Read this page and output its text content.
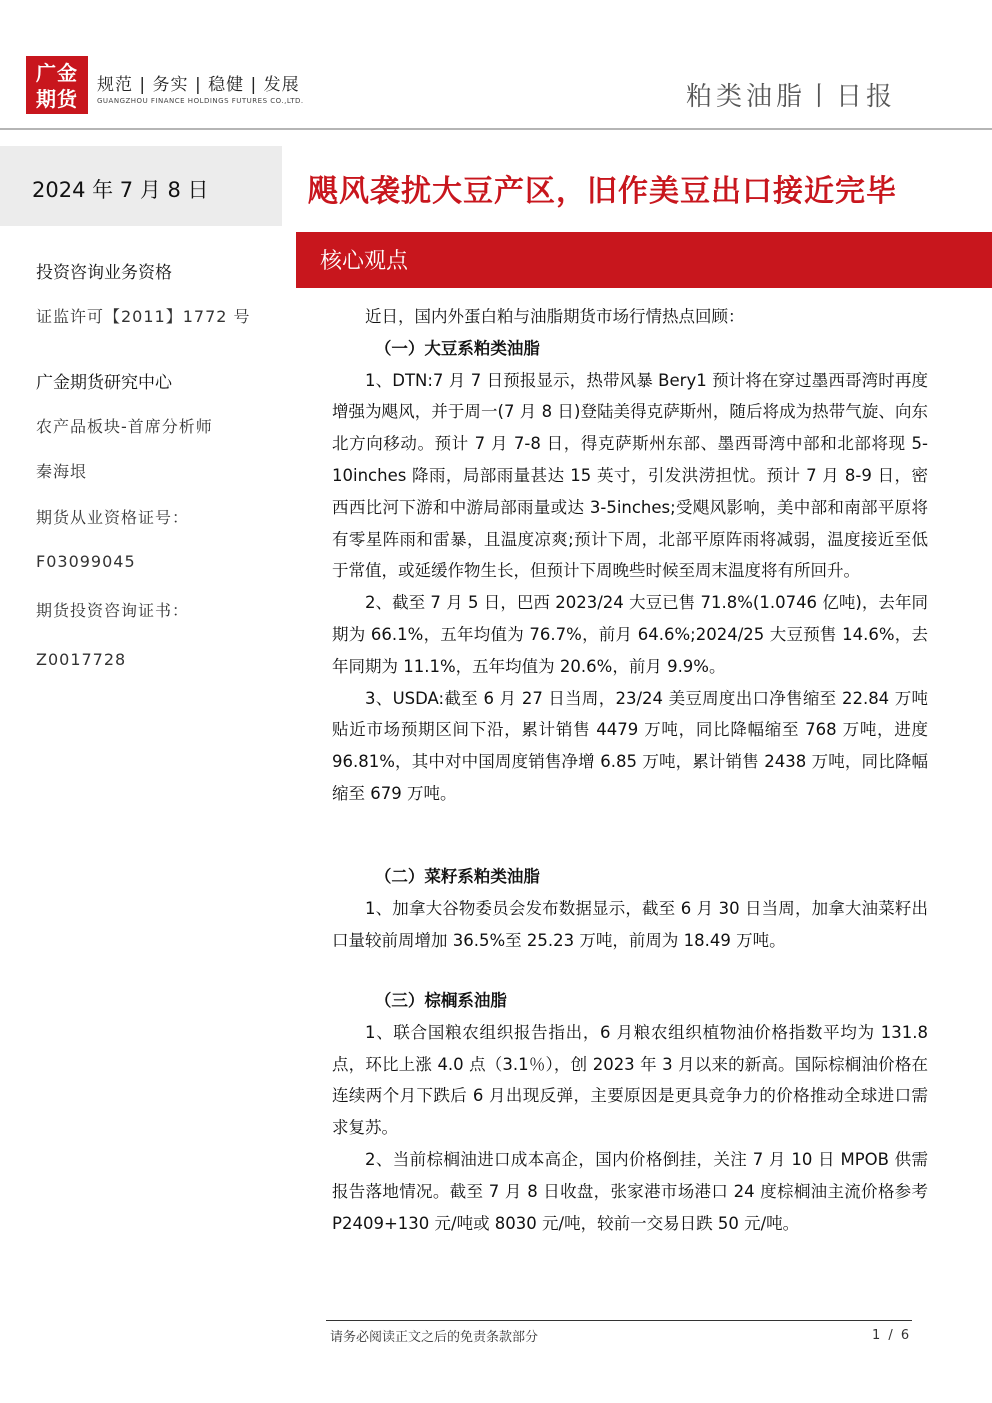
广金
期货
规范 | 务实 | 稳健 | 发展
GUANGZHOU FINANCE HOLDINGS FUTURES CO.,LTD.	粕类油脂丨日报
2024 年 7 月 8 日
投资咨询业务资格
证监许可【2011】1772 号
广金期货研究中心
农产品板块-首席分析师
秦海垠
期货从业资格证号：
F03099045
期货投资咨询证书：
Z0017728
飓风袭扰大豆产区，旧作美豆出口接近完毕
核心观点

近日，国内外蛋白粕与油脂期货市场行情热点回顾：

（一）大豆系粕类油脂

1、DTN:7 月 7 日预报显示，热带风暴 Bery1 预计将在穿过墨西哥湾时再度增强为飓风，并于周一(7 月 8 日)登陆美得克萨斯州，随后将成为热带气旋、向东北方向移动。预计 7 月 7-8 日，得克萨斯州东部、墨西哥湾中部和北部将现 5-10inches 降雨，局部雨量甚达 15 英寸，引发洪涝担忧。预计 7 月 8-9 日，密西西比河下游和中游局部雨量或达 3-5inches;受飓风影响，美中部和南部平原将有零星阵雨和雷暴，且温度凉爽;预计下周，北部平原阵雨将减弱，温度接近至低于常值，或延缓作物生长，但预计下周晚些时候至周末温度将有所回升。

2、截至 7 月 5 日，巴西 2023/24 大豆已售 71.8%(1.0746 亿吨)，去年同期为 66.1%，五年均值为 76.7%，前月 64.6%;2024/25 大豆预售 14.6%，去年同期为 11.1%，五年均值为 20.6%，前月 9.9%。

3、USDA:截至 6 月 27 日当周，23/24 美豆周度出口净售缩至 22.84 万吨贴近市场预期区间下沿，累计销售 4479 万吨，同比降幅缩至 768 万吨，进度 96.81%，其中对中国周度销售净增 6.85 万吨，累计销售 2438 万吨，同比降幅缩至 679 万吨。

（二）菜籽系粕类油脂

1、加拿大谷物委员会发布数据显示，截至 6 月 30 日当周，加拿大油菜籽出口量较前周增加 36.5%至 25.23 万吨，前周为 18.49 万吨。

（三）棕榈系油脂

1、联合国粮农组织报告指出，6 月粮农组织植物油价格指数平均为 131.8 点，环比上涨 4.0 点（3.1％），创 2023 年 3 月以来的新高。国际棕榈油价格在连续两个月下跌后 6 月出现反弹，主要原因是更具竞争力的价格推动全球进口需求复苏。

2、当前棕榈油进口成本高企，国内价格倒挂，关注 7 月 10 日 MPOB 供需报告落地情况。截至 7 月 8 日收盘，张家港市场港口 24 度棕榈油主流价格参考 P2409+130 元/吨或 8030 元/吨，较前一交易日跌 50 元/吨。

请务必阅读正文之后的免责条款部分	1 / 6
